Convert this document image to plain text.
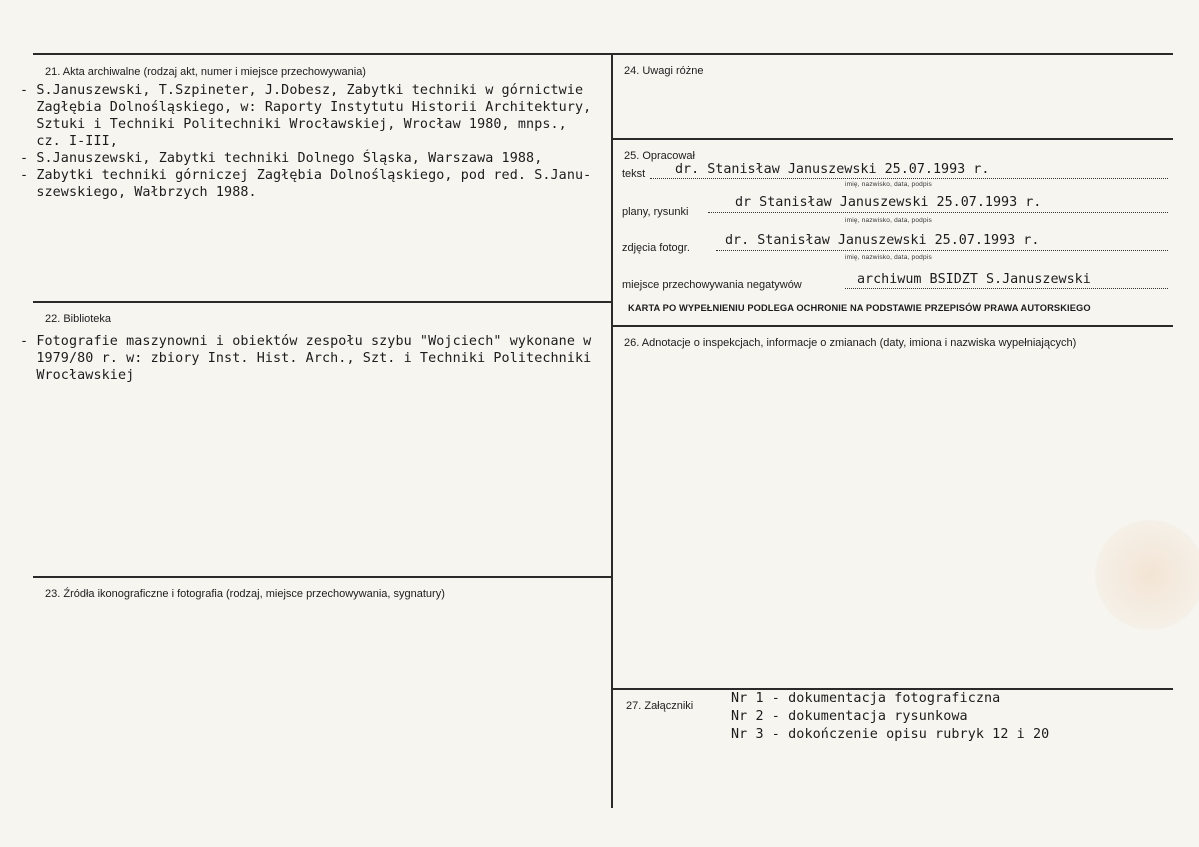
21. Akta archiwalne (rodzaj akt, numer i miejsce przechowywania)
- S.Januszewski, T.Szpineter, J.Dobesz, Zabytki techniki w górnictwie
Zagłębia Dolnośląskiego, w: Raporty Instytutu Historii Architektury,
Sztuki i Techniki Politechniki Wrocławskiej, Wrocław 1980, mnps.,
cz. I-III,
- S.Januszewski, Zabytki techniki Dolnego Śląska, Warszawa 1988,
- Zabytki techniki górniczej Zagłębia Dolnośląskiego, pod red. S.Janu-
szewskiego, Wałbrzych 1988.
22. Biblioteka
- Fotografie maszynowni i obiektów zespołu szybu "Wojciech" wykonane w
1979/80 r. w: zbiory Inst. Hist. Arch., Szt. i Techniki Politechniki
Wrocławskiej
23. Źródła ikonograficzne i fotografia (rodzaj, miejsce przechowywania, sygnatury)
24. Uwagi różne
25. Opracował
tekst dr. Stanisław Januszewski 25.07.1993 r.
imię, nazwisko, data, podpis
plany, rysunki
dr Stanisław Januszewski 25.07.1993 r.
imię, nazwisko, data, podpis
zdjęcia fotogr.	dr. Stanisław Januszewski 25.07.1993 r.
imię, nazwisko, data, podpis
miejsce przechowywania negatywów	archiwum BSIDZT S.Januszewski
KARTA PO WYPEŁNIENIU PODLEGA OCHRONIE NA PODSTAWIE PRZEPISÓW PRAWA AUTORSKIEGO
26. Adnotacje o inspekcjach, informacje o zmianach (daty, imiona i nazwiska wypełniających)
27. Załączniki	Nr 1 - dokumentacja fotograficzna
Nr 2 - dokumentacja rysunkowa
Nr 3 - dokończenie opisu rubryk 12 i 20
